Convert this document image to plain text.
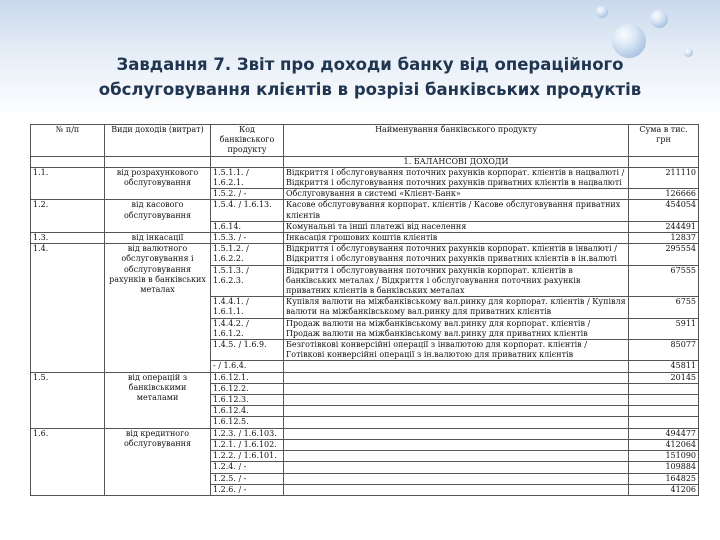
Завдання 7. Звіт про доходи банку від операційного обслуговування клієнтів в розрізі банківських продуктів
№ п/п	Види доходів (витрат)	Код банківського продукту	Найменування банківського продукту	Сума в тис. грн
			1. БАЛАНСОВІ ДОХОДИ	
1.1.	від розрахункового обслуговування	1.5.1.1. / 1.6.2.1.	Відкриття і обслуговування поточних рахунків корпорат. клієнтів в нацвалюті / Відкриття і обслуговування поточних рахунків приватних клієнтів в нацвалюті	211110
		1.5.2. / -	Обслуговування в системі «Клієнт-Банк»	126666
1.2.	від касового обслуговування	1.5.4. / 1.6.13.	Касове обслуговування корпорат. клієнтів / Касове обслуговування приватних клієнтів	454054
		1.6.14.	Комунальні та інші платежі від населення	244491
1.3.	від інкасації	1.5.3. / -	Інкасація грошових коштів клієнтів	12837
1.4.	від валютного обслуговування і обслуговування рахунків в банківських металах	1.5.1.2. / 1.6.2.2.	Відкриття і обслуговування поточних рахунків корпорат. клієнтів в інвалюті / Відкриття і обслуговування поточних рахунків приватних клієнтів в ін.валюті	295554
		1.5.1.3. / 1.6.2.3.	Відкриття і обслуговування поточних рахунків корпорат. клієнтів в банківських металах / Відкриття і обслуговування поточних рахунків приватних клієнтів в банківських металах	67555
		1.4.4.1. / 1.6.1.1.	Купівля валюти на міжбанківському вал.ринку для корпорат. клієнтів / Купівля валюти на міжбанківському вал.ринку для приватних клієнтів	6755
		1.4.4.2. / 1.6.1.2.	Продаж валюти на міжбанківському вал.ринку для корпорат. клієнтів / Продаж валюти на міжбанківському вал.ринку для приватних клієнтів	5911
		1.4.5. / 1.6.9.	Безготівкові конверсійні операції з інвалютою для корпорат. клієнтів / Готівкові конверсійні операції з ін.валютою для приватних клієнтів	85077
		- / 1.6.4.		45811
1.5.	від операцій з банківськими металами	1.6.12.1.		20145
		1.6.12.2.		
		1.6.12.3.		
		1.6.12.4.		
		1.6.12.5.		
1.6.	від кредитного обслуговування	1.2.3. / 1.6.103.		494477
		1.2.1. / 1.6.102.		412064
		1.2.2. / 1.6.101.		151090
		1.2.4. / -		109884
		1.2.5. / -		164825
		1.2.6. / -		41206
